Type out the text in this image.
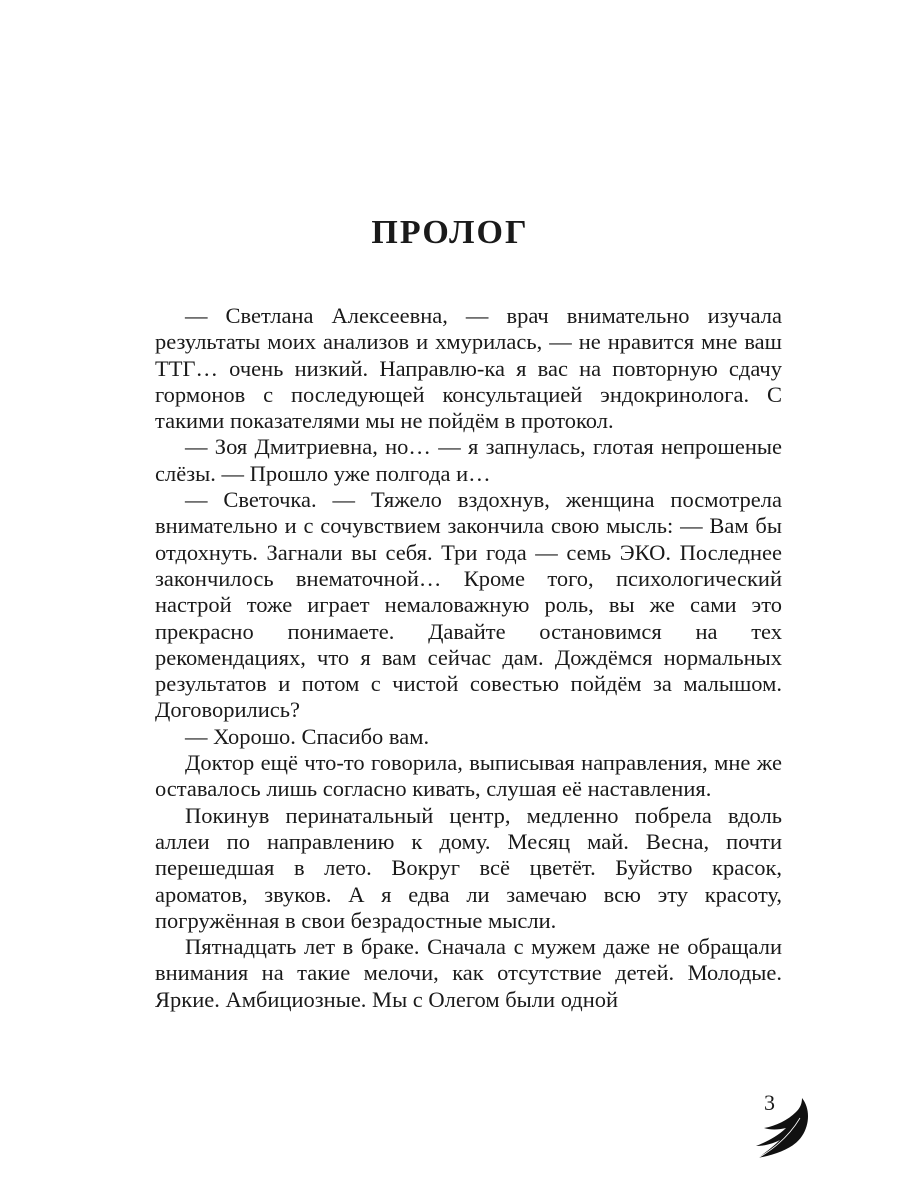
ПРОЛОГ

— Светлана Алексеевна, — врач внимательно изучала результаты моих анализов и хмурилась, — не нравится мне ваш ТТГ… очень низкий. Направлю-ка я вас на повторную сдачу гормонов с последующей консультацией эндокринолога. С такими показателями мы не пойдём в протокол.

— Зоя Дмитриевна, но… — я запнулась, глотая непрошеные слёзы. — Прошло уже полгода и…

— Светочка. — Тяжело вздохнув, женщина посмотрела внимательно и с сочувствием закончила свою мысль: — Вам бы отдохнуть. Загнали вы себя. Три года — семь ЭКО. Последнее закончилось внематочной… Кроме того, психологический настрой тоже играет немаловажную роль, вы же сами это прекрасно понимаете. Давайте остановимся на тех рекомендациях, что я вам сейчас дам. Дождёмся нормальных результатов и потом с чистой совестью пойдём за малышом. Договорились?

— Хорошо. Спасибо вам.

Доктор ещё что-то говорила, выписывая направления, мне же оставалось лишь согласно кивать, слушая её наставления.

Покинув перинатальный центр, медленно побрела вдоль аллеи по направлению к дому. Месяц май. Весна, почти перешедшая в лето. Вокруг всё цветёт. Буйство красок, ароматов, звуков. А я едва ли замечаю всю эту красоту, погружённая в свои безрадостные мысли.

Пятнадцать лет в браке. Сначала с мужем даже не обращали внимания на такие мелочи, как отсутствие детей. Молодые. Яркие. Амбициозные. Мы с Олегом были одной

3
